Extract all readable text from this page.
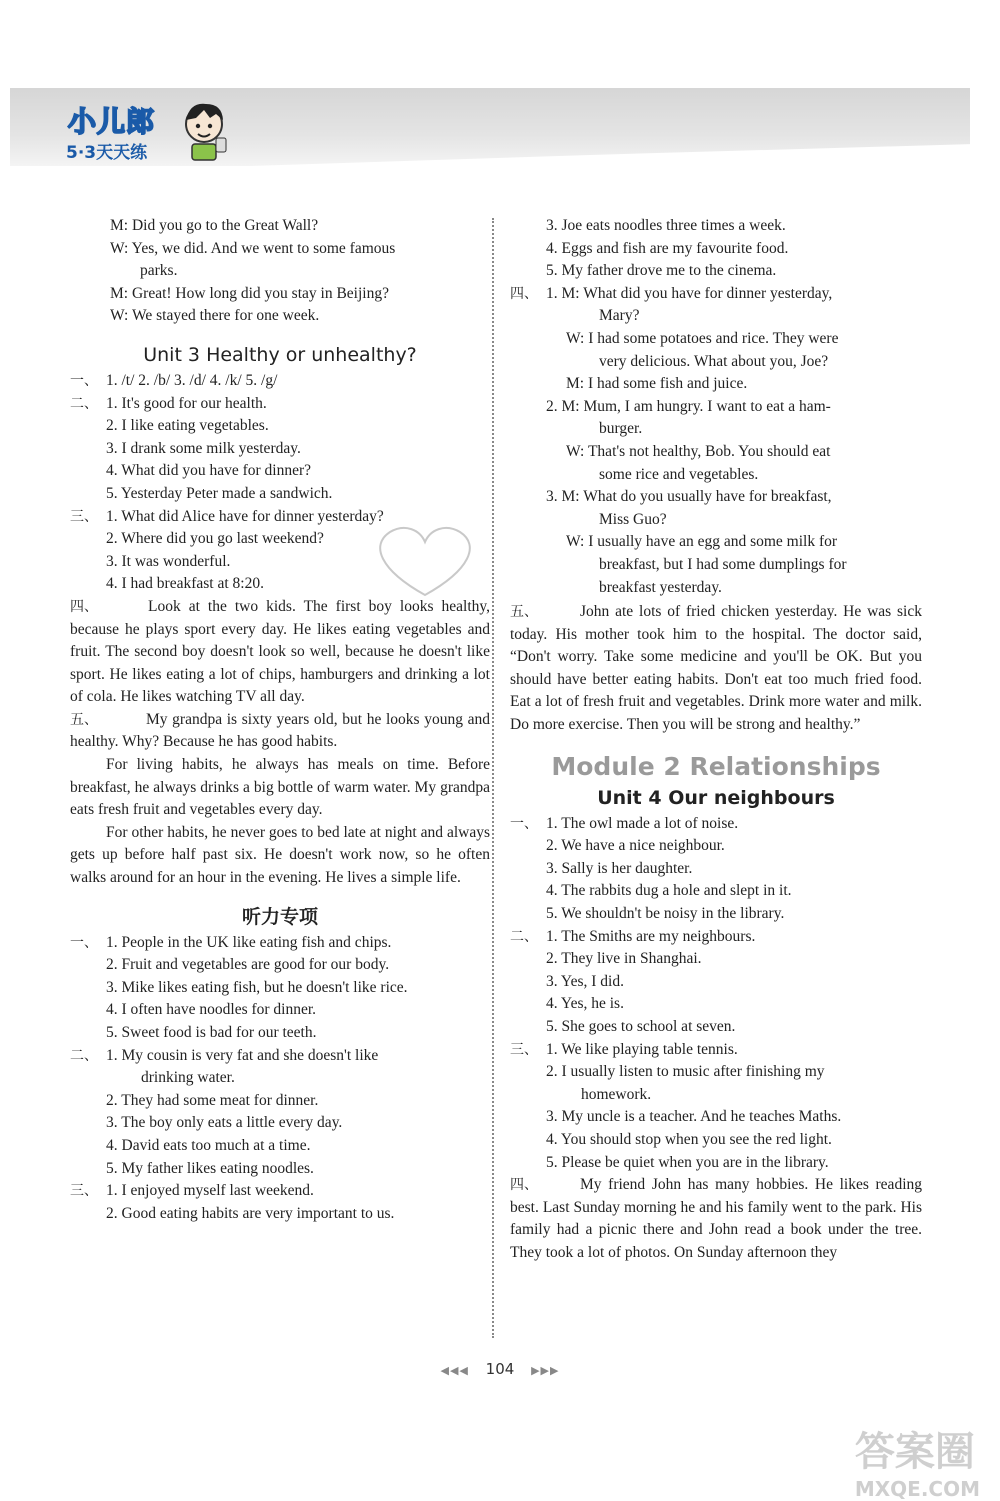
小儿郎
5·3天天练
M: Did you go to the Great Wall?
W: Yes, we did. And we went to some famous
parks.
M: Great! How long did you stay in Beijing?
W: We stayed there for one week.
Unit 3 Healthy or unhealthy?
一、 1. /t/ 2. /b/ 3. /d/ 4. /k/ 5. /g/
二、 1. It's good for our health.
2. I like eating vegetables.
3. I drank some milk yesterday.
4. What did you have for dinner?
5. Yesterday Peter made a sandwich.
三、 1. What did Alice have for dinner yesterday?
2. Where did you go last weekend?
3. It was wonderful.
4. I had breakfast at 8:20.
四、	Look at the two kids. The first boy looks healthy, because he plays sport every day. He likes eating vegetables and fruit. The second boy doesn't look so well, because he doesn't like sport. He likes eating a lot of chips, hamburgers and drinking a lot of cola. He likes watching TV all day.
五、	My grandpa is sixty years old, but he looks young and healthy. Why? Because he has good habits.
For living habits, he always has meals on time. Before breakfast, he always drinks a big bottle of warm water. My grandpa eats fresh fruit and vegetables every day.
For other habits, he never goes to bed late at night and always gets up before half past six. He doesn't work now, so he often walks around for an hour in the evening. He lives a simple life.
听力专项
一、 1. People in the UK like eating fish and chips.
2. Fruit and vegetables are good for our body.
3. Mike likes eating fish, but he doesn't like rice.
4. I often have noodles for dinner.
5. Sweet food is bad for our teeth.
二、 1. My cousin is very fat and she doesn't like
drinking water.
2. They had some meat for dinner.
3. The boy only eats a little every day.
4. David eats too much at a time.
5. My father likes eating noodles.
三、 1. I enjoyed myself last weekend.
2. Good eating habits are very important to us.
3. Joe eats noodles three times a week.
4. Eggs and fish are my favourite food.
5. My father drove me to the cinema.
四、 1. M: What did you have for dinner yesterday,
Mary?
W: I had some potatoes and rice. They were
very delicious. What about you, Joe?
M: I had some fish and juice.
2. M: Mum, I am hungry. I want to eat a ham-
burger.
W: That's not healthy, Bob. You should eat
some rice and vegetables.
3. M: What do you usually have for breakfast,
Miss Guo?
W: I usually have an egg and some milk for
breakfast, but I had some dumplings for
breakfast yesterday.
五、	John ate lots of fried chicken yesterday. He was sick today. His mother took him to the hospital. The doctor said, “Don't worry. Take some medicine and you'll be OK. But you should have better eating habits. Don't eat too much fried food. Eat a lot of fresh fruit and vegetables. Drink more water and milk. Do more exercise. Then you will be strong and healthy.”
Module 2 Relationships
Unit 4 Our neighbours
一、 1. The owl made a lot of noise.
2. We have a nice neighbour.
3. Sally is her daughter.
4. The rabbits dug a hole and slept in it.
5. We shouldn't be noisy in the library.
二、 1. The Smiths are my neighbours.
2. They live in Shanghai.
3. Yes, I did.
4. Yes, he is.
5. She goes to school at seven.
三、 1. We like playing table tennis.
2. I usually listen to music after finishing my
homework.
3. My uncle is a teacher. And he teaches Maths.
4. You should stop when you see the red light.
5. Please be quiet when you are in the library.
四、	My friend John has many hobbies. He likes reading best. Last Sunday morning he and his family went to the park. His family had a picnic there and John read a book under the tree. They took a lot of photos. On Sunday afternoon they
◀◀◀ 104 ▶▶▶
答案圈
MXQE.COM
